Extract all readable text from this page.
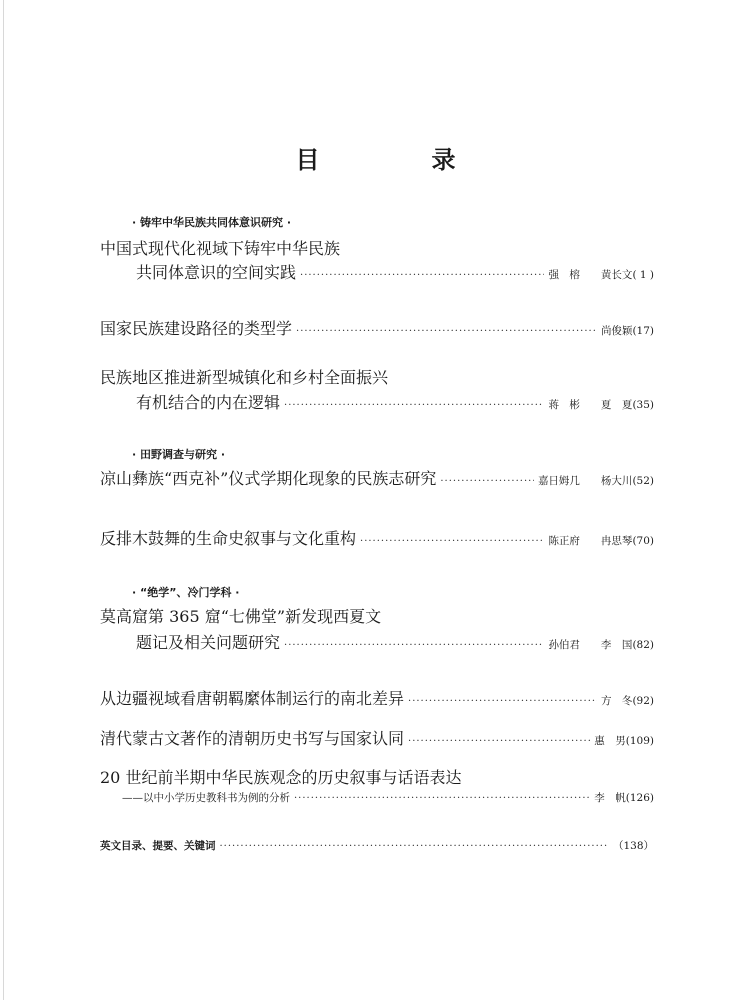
目　录
· 铸牢中华民族共同体意识研究 ·
中国式现代化视域下铸牢中华民族
共同体意识的空间实践 ·····	强　榕　　黄长文 ( 1 )
国家民族建设路径的类型学 ·····	尚俊颖 (17)
民族地区推进新型城镇化和乡村全面振兴
有机结合的内在逻辑 ·····	蒋　彬　　夏　夏 (35)
· 田野调查与研究 ·
凉山彝族“西克补”仪式学期化现象的民族志研究 ·····	嘉日姆几　　杨大川 (52)
反排木鼓舞的生命史叙事与文化重构 ·····	陈正府　　冉思琴 (70)
· “绝学”、冷门学科 ·
莫高窟第 365 窟“七佛堂”新发现西夏文
题记及相关问题研究 ·····	孙伯君　　李　国 (82)
从边疆视域看唐朝羁縻体制运行的南北差异 ·····	方　冬 (92)
清代蒙古文著作的清朝历史书写与国家认同 ·····	惠　男 (109)
20 世纪前半期中华民族观念的历史叙事与话语表达
——以中小学历史教科书为例的分析 ·····	李　帆 (126)
英文目录、提要、关键词 ·····	（138）
